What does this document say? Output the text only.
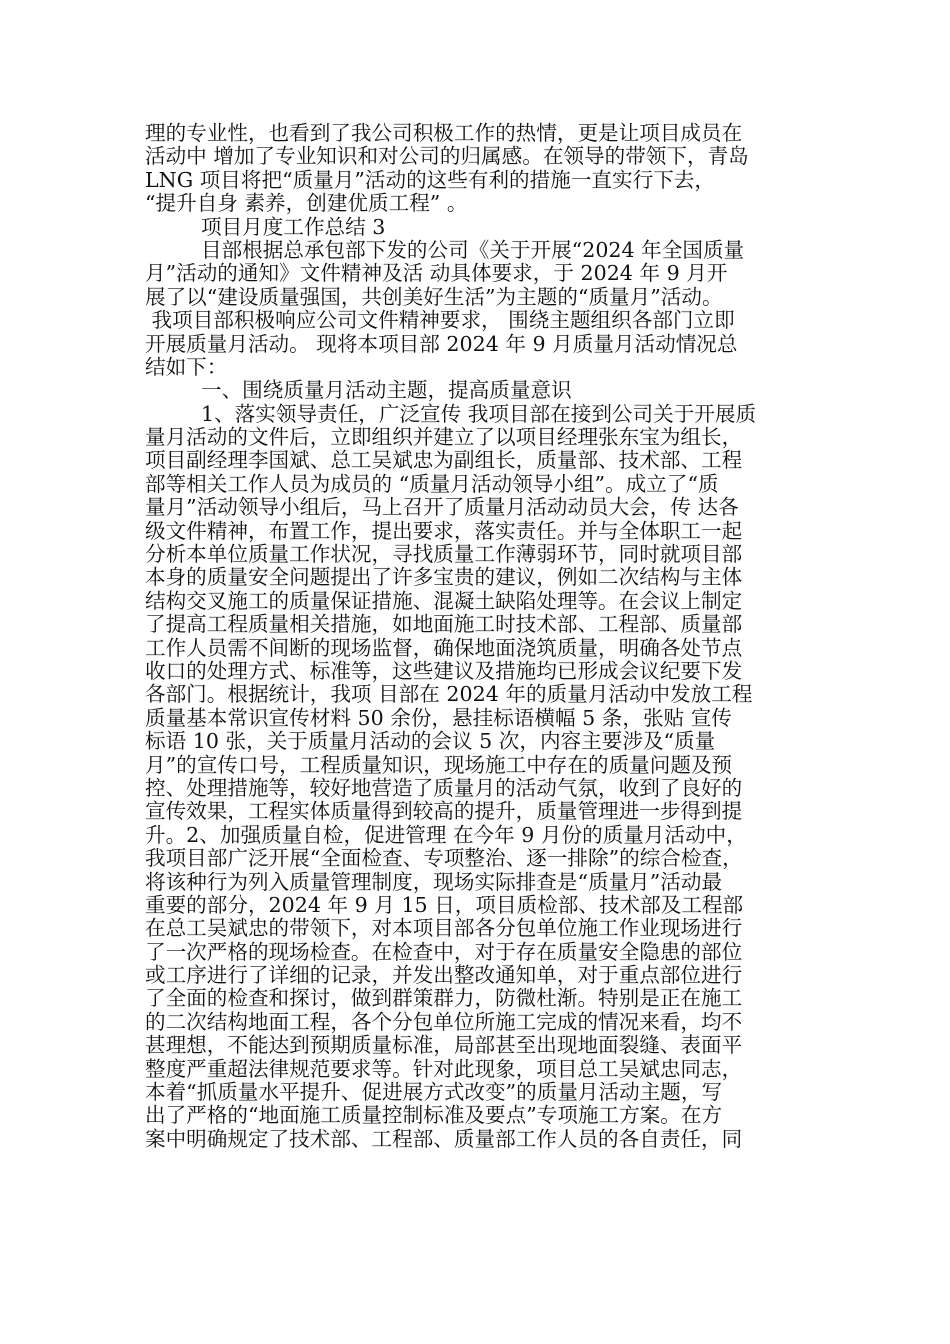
理的专业性，也看到了我公司积极工作的热情，更是让项目成员在
活动中 增加了专业知识和对公司的归属感。在领导的带领下，青岛
LNG 项目将把“质量月”活动的这些有利的措施一直实行下去，
“提升自身 素养，创建优质工程” 。
项目月度工作总结 3
目部根据总承包部下发的公司《关于开展“2024 年全国质量
月”活动的通知》文件精神及活 动具体要求，于 2024 年 9 月开
展了以“建设质量强国，共创美好生活”为主题的“质量月”活动。
我项目部积极响应公司文件精神要求， 围绕主题组织各部门立即
开展质量月活动。 现将本项目部 2024 年 9 月质量月活动情况总
结如下：
一、围绕质量月活动主题，提高质量意识
1、落实领导责任，广泛宣传 我项目部在接到公司关于开展质
量月活动的文件后，立即组织并建立了以项目经理张东宝为组长，
项目副经理李国斌、总工吴斌忠为副组长，质量部、技术部、工程
部等相关工作人员为成员的 “质量月活动领导小组”。成立了“质
量月”活动领导小组后，马上召开了质量月活动动员大会，传 达各
级文件精神，布置工作，提出要求，落实责任。并与全体职工一起
分析本单位质量工作状况，寻找质量工作薄弱环节，同时就项目部
本身的质量安全问题提出了许多宝贵的建议，例如二次结构与主体
结构交叉施工的质量保证措施、混凝土缺陷处理等。在会议上制定
了提高工程质量相关措施，如地面施工时技术部、工程部、质量部
工作人员需不间断的现场监督，确保地面浇筑质量，明确各处节点
收口的处理方式、标准等，这些建议及措施均已形成会议纪要下发
各部门。根据统计，我项 目部在 2024 年的质量月活动中发放工程
质量基本常识宣传材料 50 余份，悬挂标语横幅 5 条，张贴 宣传
标语 10 张，关于质量月活动的会议 5 次，内容主要涉及“质量
月”的宣传口号，工程质量知识，现场施工中存在的质量问题及预
控、处理措施等，较好地营造了质量月的活动气氛，收到了良好的
宣传效果，工程实体质量得到较高的提升，质量管理进一步得到提
升。2、加强质量自检，促进管理 在今年 9 月份的质量月活动中，
我项目部广泛开展“全面检查、专项整治、逐一排除”的综合检查，
将该种行为列入质量管理制度，现场实际排查是“质量月”活动最
重要的部分，2024 年 9 月 15 日，项目质检部、技术部及工程部
在总工吴斌忠的带领下，对本项目部各分包单位施工作业现场进行
了一次严格的现场检查。在检查中，对于存在质量安全隐患的部位
或工序进行了详细的记录，并发出整改通知单，对于重点部位进行
了全面的检查和探讨，做到群策群力，防微杜渐。特别是正在施工
的二次结构地面工程，各个分包单位所施工完成的情况来看，均不
甚理想，不能达到预期质量标准，局部甚至出现地面裂缝、表面平
整度严重超法律规范要求等。针对此现象，项目总工吴斌忠同志，
本着“抓质量水平提升、促进展方式改变”的质量月活动主题，写
出了严格的“地面施工质量控制标准及要点”专项施工方案。在方
案中明确规定了技术部、工程部、质量部工作人员的各自责任，同
